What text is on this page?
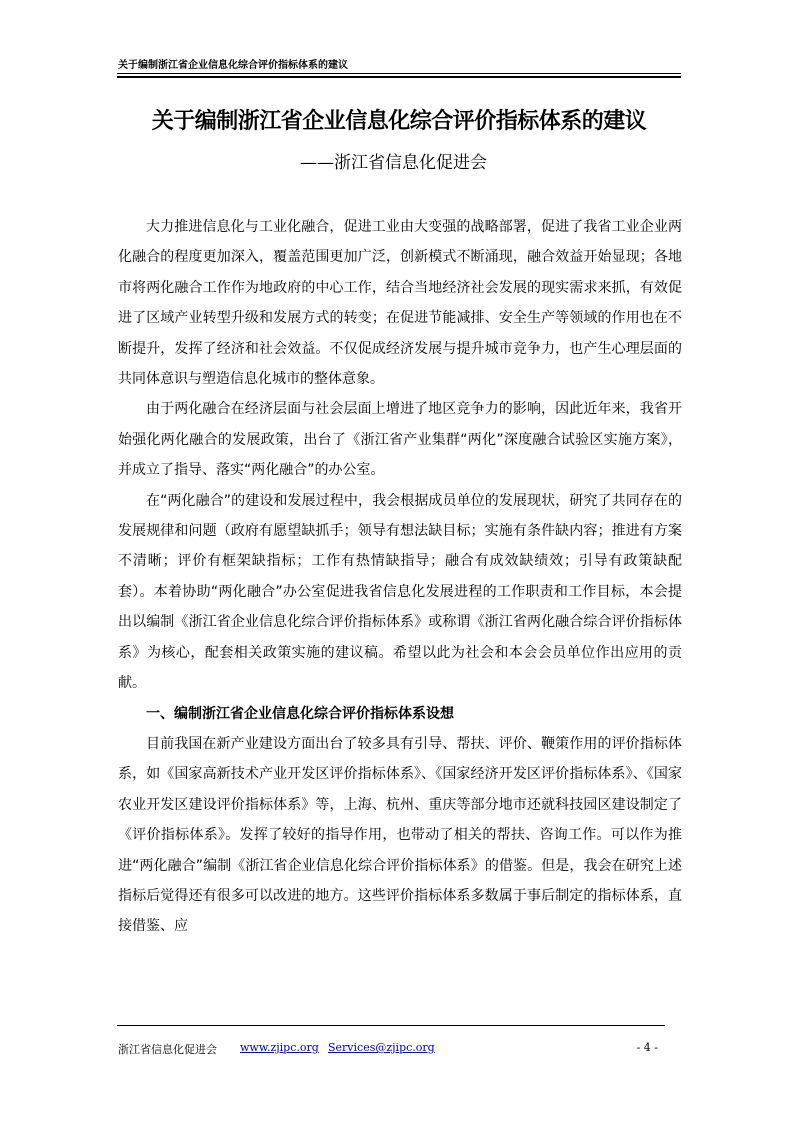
关于编制浙江省企业信息化综合评价指标体系的建议
关于编制浙江省企业信息化综合评价指标体系的建议
——浙江省信息化促进会

大力推进信息化与工业化融合，促进工业由大变强的战略部署，促进了我省工业企业两化融合的程度更加深入，覆盖范围更加广泛，创新模式不断涌现，融合效益开始显现；各地市将两化融合工作作为地政府的中心工作，结合当地经济社会发展的现实需求来抓，有效促进了区域产业转型升级和发展方式的转变；在促进节能减排、安全生产等领域的作用也在不断提升，发挥了经济和社会效益。不仅促成经济发展与提升城市竞争力，也产生心理层面的共同体意识与塑造信息化城市的整体意象。

由于两化融合在经济层面与社会层面上增进了地区竞争力的影响，因此近年来，我省开始强化两化融合的发展政策，出台了《浙江省产业集群“两化”深度融合试验区实施方案》，并成立了指导、落实“两化融合”的办公室。

在“两化融合”的建设和发展过程中，我会根据成员单位的发展现状，研究了共同存在的发展规律和问题（政府有愿望缺抓手；领导有想法缺目标；实施有条件缺内容；推进有方案不清晰；评价有框架缺指标；工作有热情缺指导；融合有成效缺绩效；引导有政策缺配套）。本着协助“两化融合”办公室促进我省信息化发展进程的工作职责和工作目标，本会提出以编制《浙江省企业信息化综合评价指标体系》或称谓《浙江省两化融合综合评价指标体系》为核心，配套相关政策实施的建议稿。希望以此为社会和本会会员单位作出应用的贡献。

一、编制浙江省企业信息化综合评价指标体系设想

目前我国在新产业建设方面出台了较多具有引导、帮扶、评价、鞭策作用的评价指标体系，如《国家高新技术产业开发区评价指标体系》、《国家经济开发区评价指标体系》、《国家农业开发区建设评价指标体系》等，上海、杭州、重庆等部分地市还就科技园区建设制定了《评价指标体系》。发挥了较好的指导作用，也带动了相关的帮扶、咨询工作。可以作为推进“两化融合”编制《浙江省企业信息化综合评价指标体系》的借鉴。但是，我会在研究上述指标后觉得还有很多可以改进的地方。这些评价指标体系多数属于事后制定的指标体系，直接借鉴、应

浙江省信息化促进会 www.zjipc.org Services@zjipc.org	- 4 -
